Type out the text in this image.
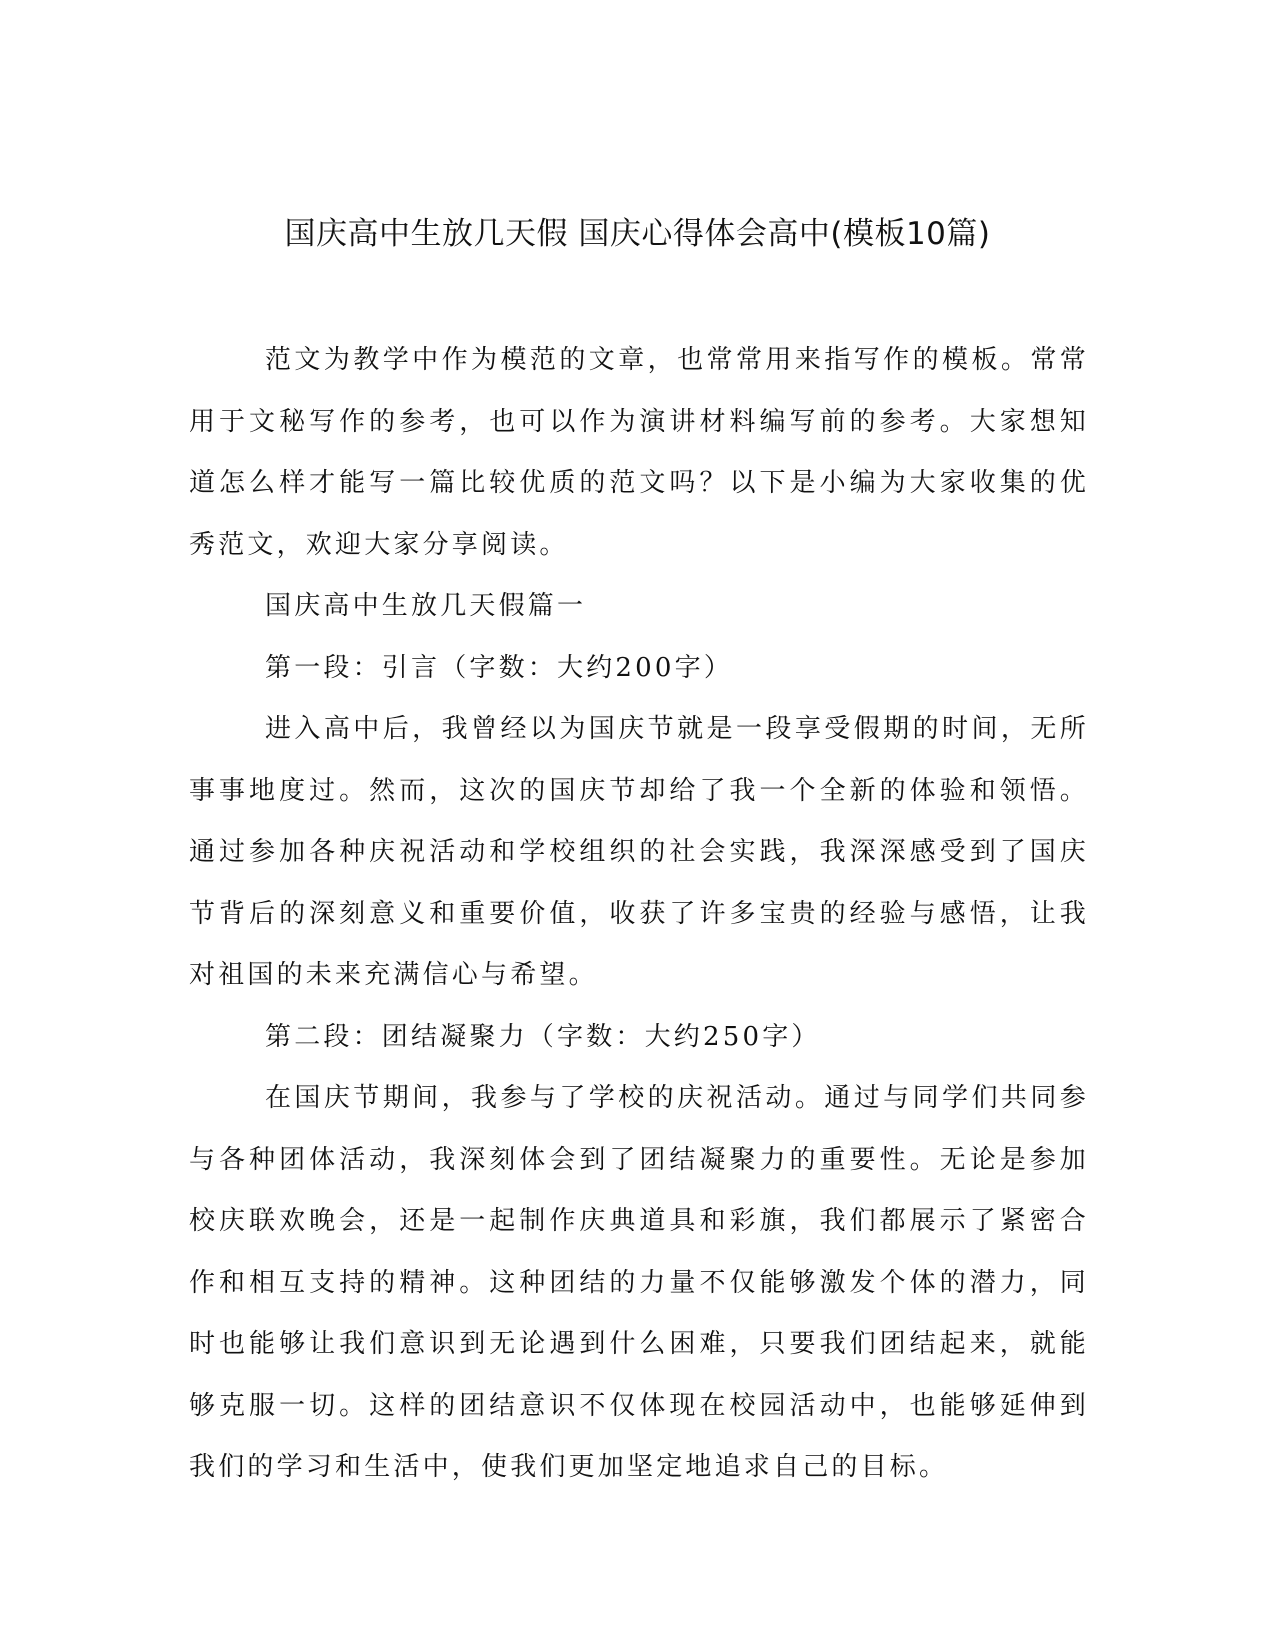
国庆高中生放几天假 国庆心得体会高中(模板10篇)

范文为教学中作为模范的文章，也常常用来指写作的模板。常常用于文秘写作的参考，也可以作为演讲材料编写前的参考。大家想知道怎么样才能写一篇比较优质的范文吗？以下是小编为大家收集的优秀范文，欢迎大家分享阅读。

国庆高中生放几天假篇一

第一段：引言（字数：大约200字）

进入高中后，我曾经以为国庆节就是一段享受假期的时间，无所事事地度过。然而，这次的国庆节却给了我一个全新的体验和领悟。通过参加各种庆祝活动和学校组织的社会实践，我深深感受到了国庆节背后的深刻意义和重要价值，收获了许多宝贵的经验与感悟，让我对祖国的未来充满信心与希望。

第二段：团结凝聚力（字数：大约250字）

在国庆节期间，我参与了学校的庆祝活动。通过与同学们共同参与各种团体活动，我深刻体会到了团结凝聚力的重要性。无论是参加校庆联欢晚会，还是一起制作庆典道具和彩旗，我们都展示了紧密合作和相互支持的精神。这种团结的力量不仅能够激发个体的潜力，同时也能够让我们意识到无论遇到什么困难，只要我们团结起来，就能够克服一切。这样的团结意识不仅体现在校园活动中，也能够延伸到我们的学习和生活中，使我们更加坚定地追求自己的目标。
